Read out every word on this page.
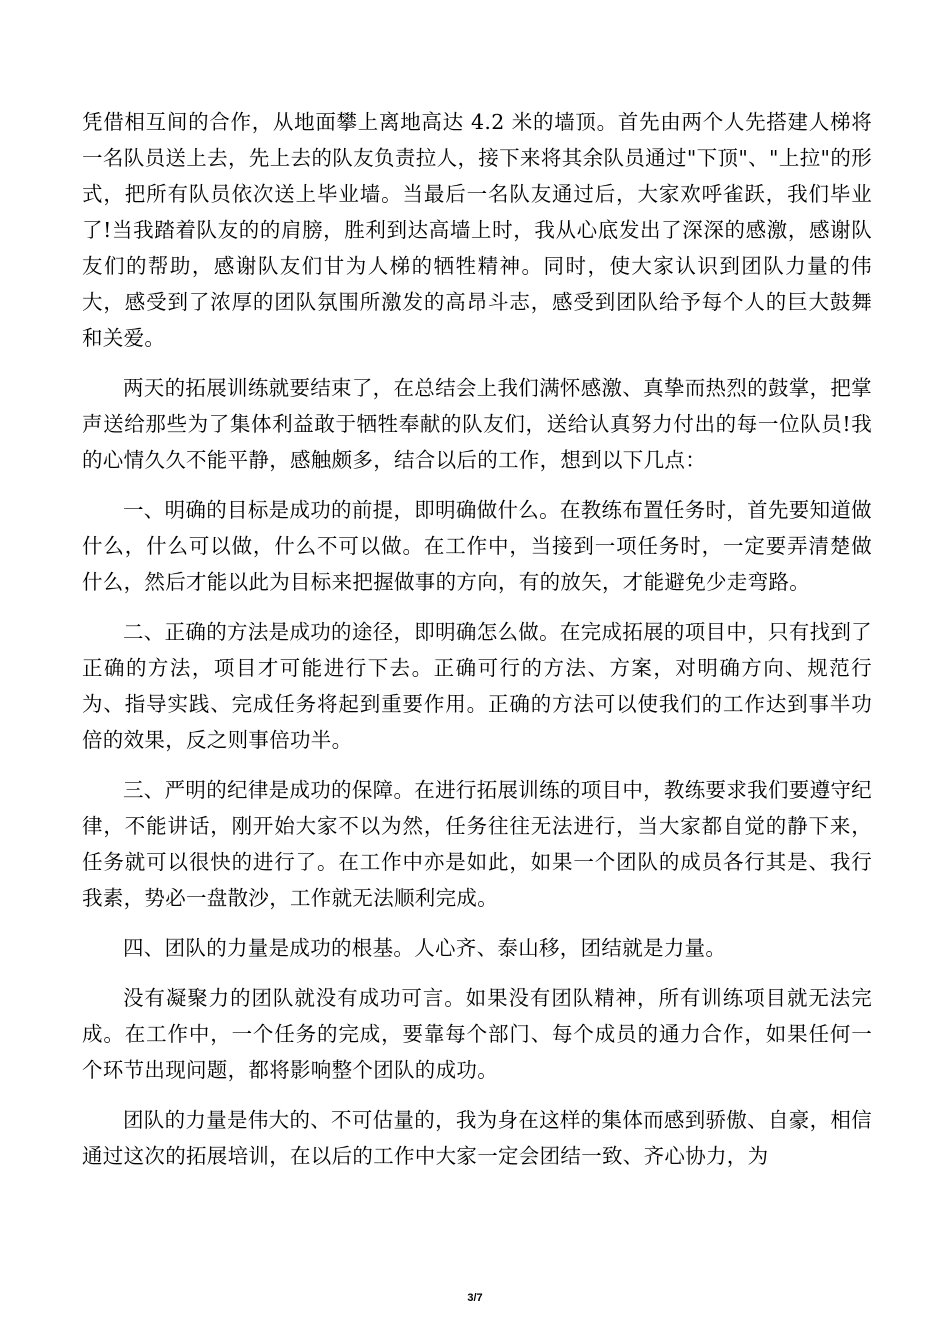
凭借相互间的合作，从地面攀上离地高达 4.2 米的墙顶。首先由两个人先搭建人梯将一名队员送上去，先上去的队友负责拉人，接下来将其余队员通过"下顶"、"上拉"的形式，把所有队员依次送上毕业墙。当最后一名队友通过后，大家欢呼雀跃，我们毕业了!当我踏着队友的的肩膀，胜利到达高墙上时，我从心底发出了深深的感激，感谢队友们的帮助，感谢队友们甘为人梯的牺牲精神。同时，使大家认识到团队力量的伟大，感受到了浓厚的团队氛围所激发的高昂斗志，感受到团队给予每个人的巨大鼓舞和关爱。

两天的拓展训练就要结束了，在总结会上我们满怀感激、真挚而热烈的鼓掌，把掌声送给那些为了集体利益敢于牺牲奉献的队友们，送给认真努力付出的每一位队员!我的心情久久不能平静，感触颇多，结合以后的工作，想到以下几点：

一、明确的目标是成功的前提，即明确做什么。在教练布置任务时，首先要知道做什么，什么可以做，什么不可以做。在工作中，当接到一项任务时，一定要弄清楚做什么，然后才能以此为目标来把握做事的方向，有的放矢，才能避免少走弯路。

二、正确的方法是成功的途径，即明确怎么做。在完成拓展的项目中，只有找到了正确的方法，项目才可能进行下去。正确可行的方法、方案，对明确方向、规范行为、指导实践、完成任务将起到重要作用。正确的方法可以使我们的工作达到事半功倍的效果，反之则事倍功半。

三、严明的纪律是成功的保障。在进行拓展训练的项目中，教练要求我们要遵守纪律，不能讲话，刚开始大家不以为然，任务往往无法进行，当大家都自觉的静下来，任务就可以很快的进行了。在工作中亦是如此，如果一个团队的成员各行其是、我行我素，势必一盘散沙，工作就无法顺利完成。

四、团队的力量是成功的根基。人心齐、泰山移，团结就是力量。

没有凝聚力的团队就没有成功可言。如果没有团队精神，所有训练项目就无法完成。在工作中，一个任务的完成，要靠每个部门、每个成员的通力合作，如果任何一个环节出现问题，都将影响整个团队的成功。

团队的力量是伟大的、不可估量的，我为身在这样的集体而感到骄傲、自豪，相信通过这次的拓展培训，在以后的工作中大家一定会团结一致、齐心协力，为

3/7
